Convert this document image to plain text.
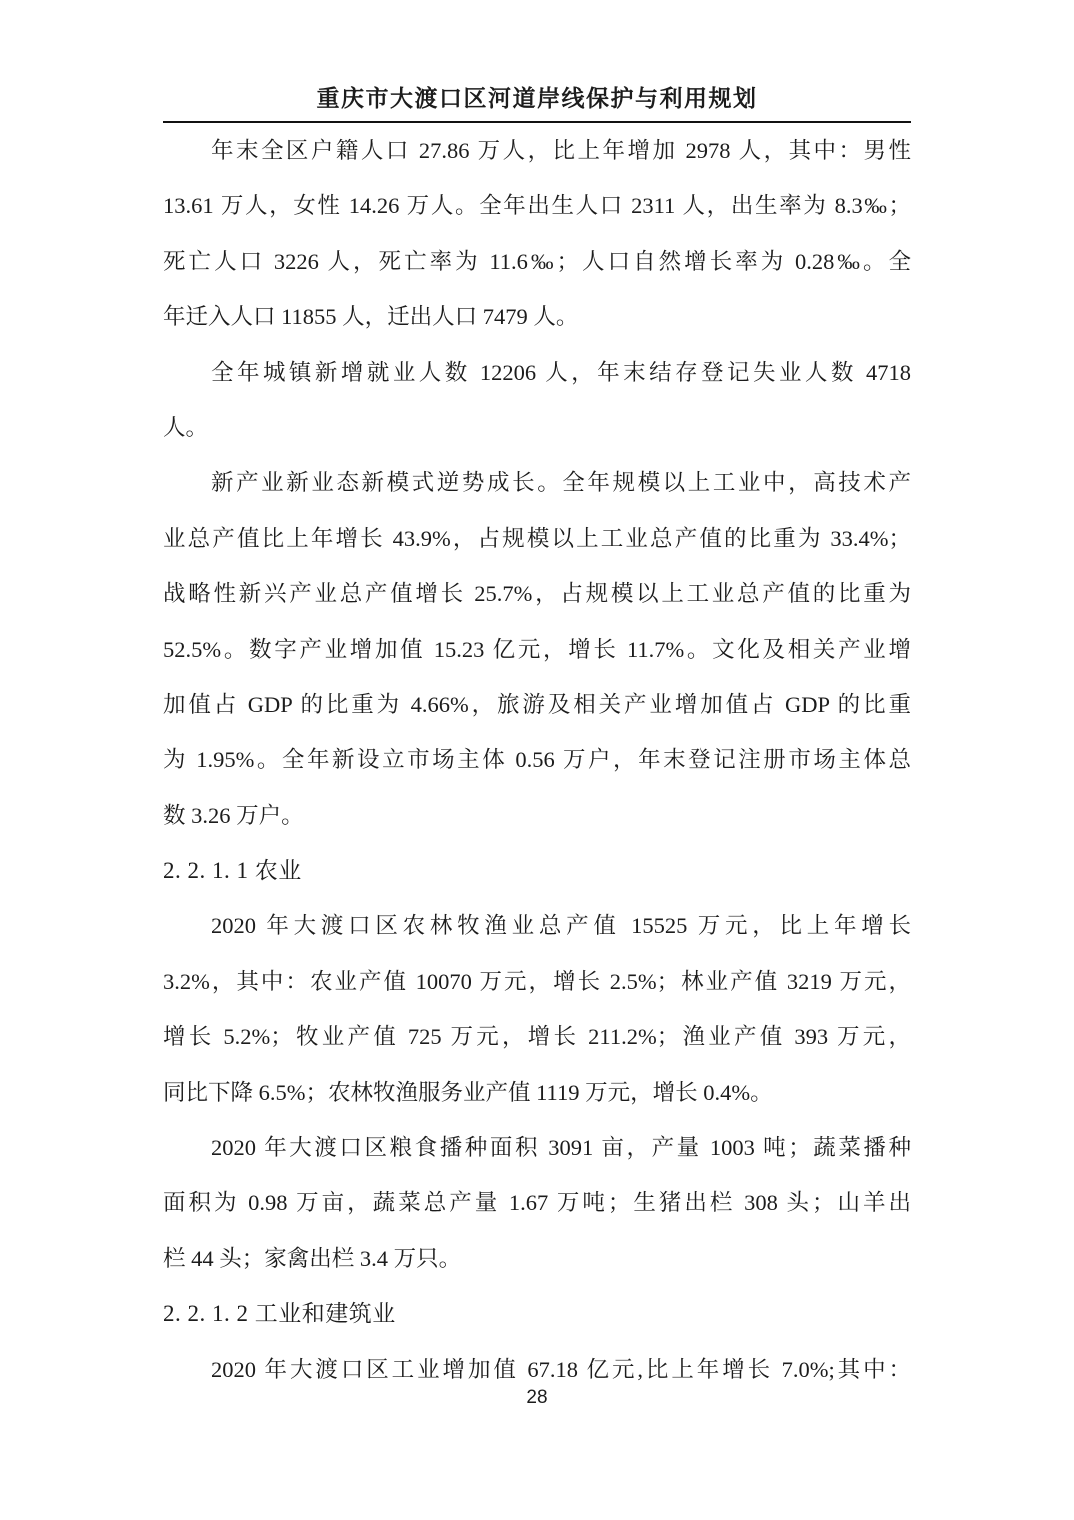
重庆市大渡口区河道岸线保护与利用规划
年末全区户籍人口 27.86 万人，比上年增加 2978 人，其中：男性
13.61 万人，女性 14.26 万人。全年出生人口 2311 人，出生率为 8.3‰；
死亡人口 3226 人，死亡率为 11.6‰；人口自然增长率为 0.28‰。全
年迁入人口 11855 人，迁出人口 7479 人。
全年城镇新增就业人数 12206 人，年末结存登记失业人数 4718
人。
新产业新业态新模式逆势成长。全年规模以上工业中，高技术产
业总产值比上年增长 43.9%，占规模以上工业总产值的比重为 33.4%；
战略性新兴产业总产值增长 25.7%，占规模以上工业总产值的比重为
52.5%。数字产业增加值 15.23 亿元，增长 11.7%。文化及相关产业增
加值占 GDP 的比重为 4.66%，旅游及相关产业增加值占 GDP 的比重
为 1.95%。全年新设立市场主体 0.56 万户，年末登记注册市场主体总
数 3.26 万户。
2. 2. 1. 1 农业
2020 年大渡口区农林牧渔业总产值 15525 万元，比上年增长
3.2%，其中：农业产值 10070 万元，增长 2.5%；林业产值 3219 万元，
增长 5.2%；牧业产值 725 万元，增长 211.2%；渔业产值 393 万元，
同比下降 6.5%；农林牧渔服务业产值 1119 万元，增长 0.4%。
2020 年大渡口区粮食播种面积 3091 亩，产量 1003 吨；蔬菜播种
面积为 0.98 万亩，蔬菜总产量 1.67 万吨；生猪出栏 308 头；山羊出
栏 44 头；家禽出栏 3.4 万只。
2. 2. 1. 2 工业和建筑业
2020 年大渡口区工业增加值 67.18 亿元,比上年增长 7.0%;其中：
28
